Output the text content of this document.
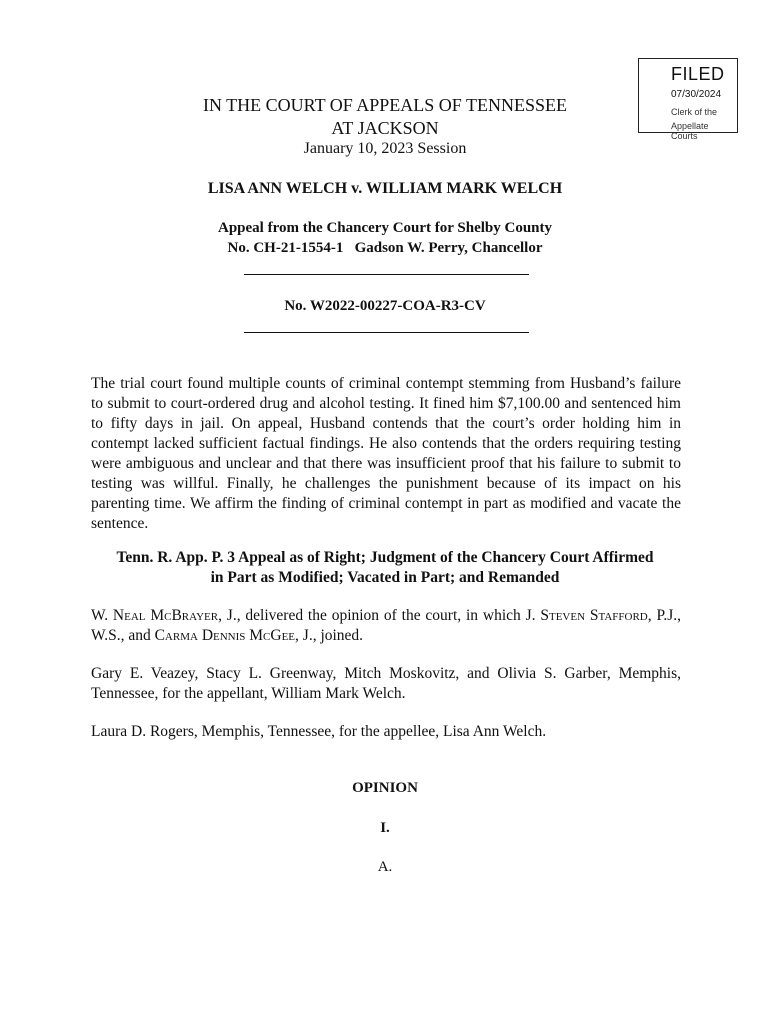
FILED
07/30/2024
Clerk of the
Appellate Courts
IN THE COURT OF APPEALS OF TENNESSEE
AT JACKSON
January 10, 2023 Session
LISA ANN WELCH v. WILLIAM MARK WELCH
Appeal from the Chancery Court for Shelby County
No. CH-21-1554-1   Gadson W. Perry, Chancellor
No. W2022-00227-COA-R3-CV
The trial court found multiple counts of criminal contempt stemming from Husband’s failure to submit to court-ordered drug and alcohol testing. It fined him $7,100.00 and sentenced him to fifty days in jail. On appeal, Husband contends that the court’s order holding him in contempt lacked sufficient factual findings. He also contends that the orders requiring testing were ambiguous and unclear and that there was insufficient proof that his failure to submit to testing was willful. Finally, he challenges the punishment because of its impact on his parenting time. We affirm the finding of criminal contempt in part as modified and vacate the sentence.
Tenn. R. App. P. 3 Appeal as of Right; Judgment of the Chancery Court Affirmed
in Part as Modified; Vacated in Part; and Remanded
W. Neal McBrayer, J., delivered the opinion of the court, in which J. Steven Stafford, P.J., W.S., and Carma Dennis McGee, J., joined.
Gary E. Veazey, Stacy L. Greenway, Mitch Moskovitz, and Olivia S. Garber, Memphis, Tennessee, for the appellant, William Mark Welch.
Laura D. Rogers, Memphis, Tennessee, for the appellee, Lisa Ann Welch.
OPINION
I.
A.
